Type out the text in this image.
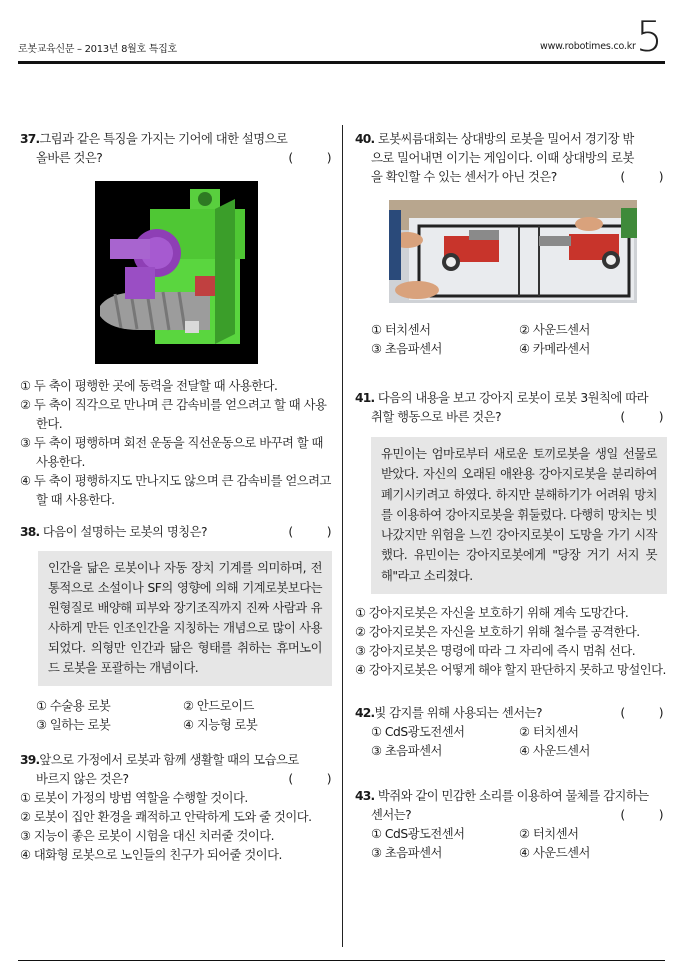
로봇교육신문 – 2013년 8월호 특집호	www.robotimes.co.kr 5
37.그림과 같은 특징을 가지는 기어에 대한 설명으로
올바른 것은?	(          )
① 두 축이 평행한 곳에 동력을 전달할 때 사용한다.
② 두 축이 직각으로 만나며 큰 감속비를 얻으려고 할 때 사용한다.
③ 두 축이 평행하며 회전 운동을 직선운동으로 바꾸려 할 때 사용한다.
④ 두 축이 평행하지도 만나지도 않으며 큰 감속비를 얻으려고 할 때 사용한다.
38. 다음이 설명하는 로봇의 명칭은?	(          )
인간을 닮은 로봇이나 자동 장치 기계를 의미하며, 전통적으로 소설이나 SF의 영향에 의해 기계로봇보다는 원형질로 배양해 피부와 장기조직까지 진짜 사람과 유사하게 만든 인조인간을 지칭하는 개념으로 많이 사용되었다. 의형만 인간과 닮은 형태를 취하는 휴머노이드 로봇을 포괄하는 개념이다.
① 수술용 로봇	② 안드로이드
③ 일하는 로봇	④ 지능형 로봇
39.앞으로 가정에서 로봇과 함께 생활할 때의 모습으로
바르지 않은 것은?	(          )
① 로봇이 가정의 방범 역할을 수행할 것이다.
② 로봇이 집안 환경을 쾌적하고 안락하게 도와 줄 것이다.
③ 지능이 좋은 로봇이 시험을 대신 치러줄 것이다.
④ 대화형 로봇으로 노인들의 친구가 되어줄 것이다.
40. 로봇씨름대회는 상대방의 로봇을 밀어서 경기장 밖
으로 밀어내면 이기는 게임이다. 이때 상대방의 로봇
을 확인할 수 있는 센서가 아닌 것은?	(          )
① 터치센서	② 사운드센서
③ 초음파센서	④ 카메라센서
41. 다음의 내용을 보고 강아지 로봇이 로봇 3원칙에 따라
취할 행동으로 바른 것은?	(          )
유민이는 엄마로부터 새로운 토끼로봇을 생일 선물로 받았다. 자신의 오래된 애완용 강아지로봇을 분리하여 폐기시키려고 하였다. 하지만 분해하기가 어려워 망치를 이용하여 강아지로봇을 휘둘렀다. 다행히 망치는 빗나갔지만 위험을 느낀 강아지로봇이 도망을 가기 시작했다. 유민이는 강아지로봇에게 "당장 거기 서지 못해"라고 소리쳤다.
① 강아지로봇은 자신을 보호하기 위해 계속 도망간다.
② 강아지로봇은 자신을 보호하기 위해 철수를 공격한다.
③ 강아지로봇은 명령에 따라 그 자리에 즉시 멈춰 선다.
④ 강아지로봇은 어떻게 해야 할지 판단하지 못하고 망설인다.
42.빛 감지를 위해 사용되는 센서는?	(          )
① CdS광도전센서	② 터치센서
③ 초음파센서	④ 사운드센서
43. 박쥐와 같이 민감한 소리를 이용하여 물체를 감지하는
센서는?	(          )
① CdS광도전센서	② 터치센서
③ 초음파센서	④ 사운드센서
